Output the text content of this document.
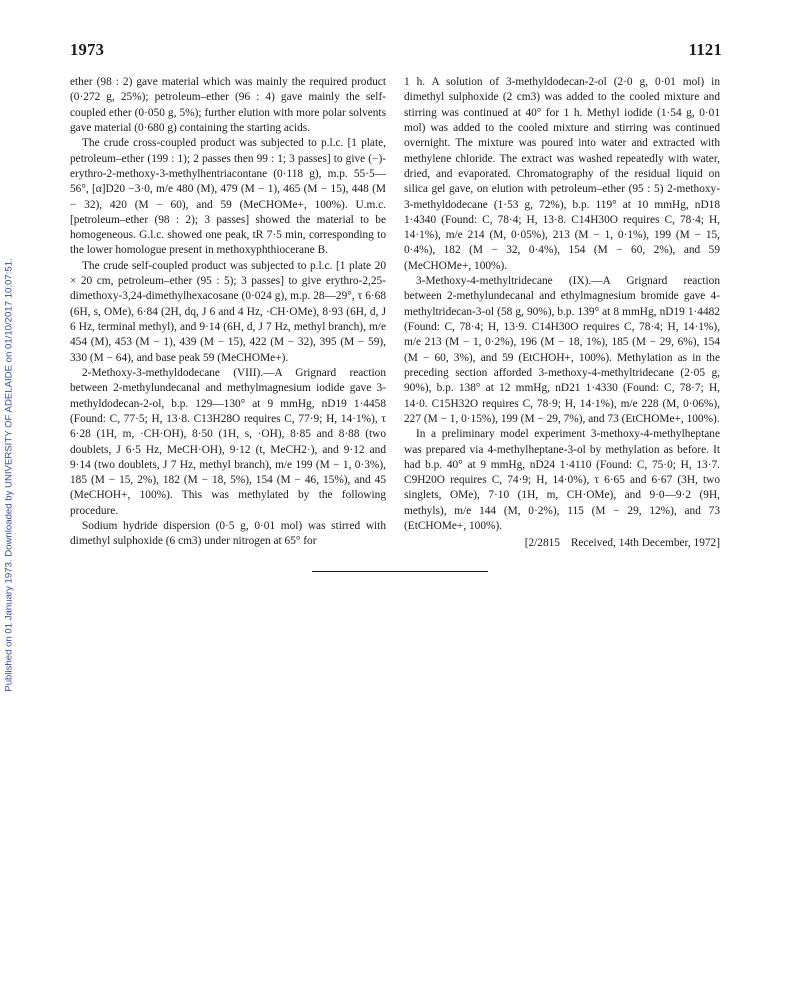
Published on 01 January 1973. Downloaded by UNIVERSITY OF ADELAIDE on 01/10/2017 10:07:51.
1973	1121

ether (98 : 2) gave material which was mainly the required product (0·272 g, 25%); petroleum–ether (96 : 4) gave mainly the self-coupled ether (0·050 g, 5%); further elution with more polar solvents gave material (0·680 g) containing the starting acids.

The crude cross-coupled product was subjected to p.l.c. [1 plate, petroleum–ether (199 : 1); 2 passes then 99 : 1; 3 passes] to give (−)-erythro-2-methoxy-3-methylhentriacontane (0·118 g), m.p. 55·5—56°, [α]D20 −3·0, m/e 480 (M), 479 (M − 1), 465 (M − 15), 448 (M − 32), 420 (M − 60), and 59 (MeCHOMe+, 100%). U.m.c. [petroleum–ether (98 : 2); 3 passes] showed the material to be homogeneous. G.l.c. showed one peak, tR 7·5 min, corresponding to the lower homologue present in methoxyphthiocerane B.

The crude self-coupled product was subjected to p.l.c. [1 plate 20 × 20 cm, petroleum–ether (95 : 5); 3 passes] to give erythro-2,25-dimethoxy-3,24-dimethylhexacosane (0·024 g), m.p. 28—29°, τ 6·68 (6H, s, OMe), 6·84 (2H, dq, J 6 and 4 Hz, ·CH·OMe), 8·93 (6H, d, J 6 Hz, terminal methyl), and 9·14 (6H, d, J 7 Hz, methyl branch), m/e 454 (M), 453 (M − 1), 439 (M − 15), 422 (M − 32), 395 (M − 59), 330 (M − 64), and base peak 59 (MeCHOMe+).

2-Methoxy-3-methyldodecane (VIII).—A Grignard reaction between 2-methylundecanal and methylmagnesium iodide gave 3-methyldodecan-2-ol, b.p. 129—130° at 9 mmHg, nD19 1·4458 (Found: C, 77·5; H, 13·8. C13H28O requires C, 77·9; H, 14·1%), τ 6·28 (1H, m, ·CH·OH), 8·50 (1H, s, ·OH), 8·85 and 8·88 (two doublets, J 6·5 Hz, MeCH·OH), 9·12 (t, MeCH2·), and 9·12 and 9·14 (two doublets, J 7 Hz, methyl branch), m/e 199 (M − 1, 0·3%), 185 (M − 15, 2%), 182 (M − 18, 5%), 154 (M − 46, 15%), and 45 (MeCHOH+, 100%). This was methylated by the following procedure.

Sodium hydride dispersion (0·5 g, 0·01 mol) was stirred with dimethyl sulphoxide (6 cm3) under nitrogen at 65° for

1 h. A solution of 3-methyldodecan-2-ol (2·0 g, 0·01 mol) in dimethyl sulphoxide (2 cm3) was added to the cooled mixture and stirring was continued at 40° for 1 h. Methyl iodide (1·54 g, 0·01 mol) was added to the cooled mixture and stirring was continued overnight. The mixture was poured into water and extracted with methylene chloride. The extract was washed repeatedly with water, dried, and evaporated. Chromatography of the residual liquid on silica gel gave, on elution with petroleum–ether (95 : 5) 2-methoxy-3-methyldodecane (1·53 g, 72%), b.p. 119° at 10 mmHg, nD18 1·4340 (Found: C, 78·4; H, 13·8. C14H30O requires C, 78·4; H, 14·1%), m/e 214 (M, 0·05%), 213 (M − 1, 0·1%), 199 (M − 15, 0·4%), 182 (M − 32, 0·4%), 154 (M − 60, 2%), and 59 (MeCHOMe+, 100%).

3-Methoxy-4-methyltridecane (IX).—A Grignard reaction between 2-methylundecanal and ethylmagnesium bromide gave 4-methyltridecan-3-ol (58 g, 90%), b.p. 139° at 8 mmHg, nD19 1·4482 (Found: C, 78·4; H, 13·9. C14H30O requires C, 78·4; H, 14·1%), m/e 213 (M − 1, 0·2%), 196 (M − 18, 1%), 185 (M − 29, 6%), 154 (M − 60, 3%), and 59 (EtCHOH+, 100%). Methylation as in the preceding section afforded 3-methoxy-4-methyltridecane (2·05 g, 90%), b.p. 138° at 12 mmHg, nD21 1·4330 (Found: C, 78·7; H, 14·0. C15H32O requires C, 78·9; H, 14·1%), m/e 228 (M, 0·06%), 227 (M − 1, 0·15%), 199 (M − 29, 7%), and 73 (EtCHOMe+, 100%).

In a preliminary model experiment 3-methoxy-4-methylheptane was prepared via 4-methylheptane-3-ol by methylation as before. It had b.p. 40° at 9 mmHg, nD24 1·4110 (Found: C, 75·0; H, 13·7. C9H20O requires C, 74·9; H, 14·0%), τ 6·65 and 6·67 (3H, two singlets, OMe), 7·10 (1H, m, CH·OMe), and 9·0—9·2 (9H, methyls), m/e 144 (M, 0·2%), 115 (M − 29, 12%), and 73 (EtCHOMe+, 100%).

[2/2815 Received, 14th December, 1972]
